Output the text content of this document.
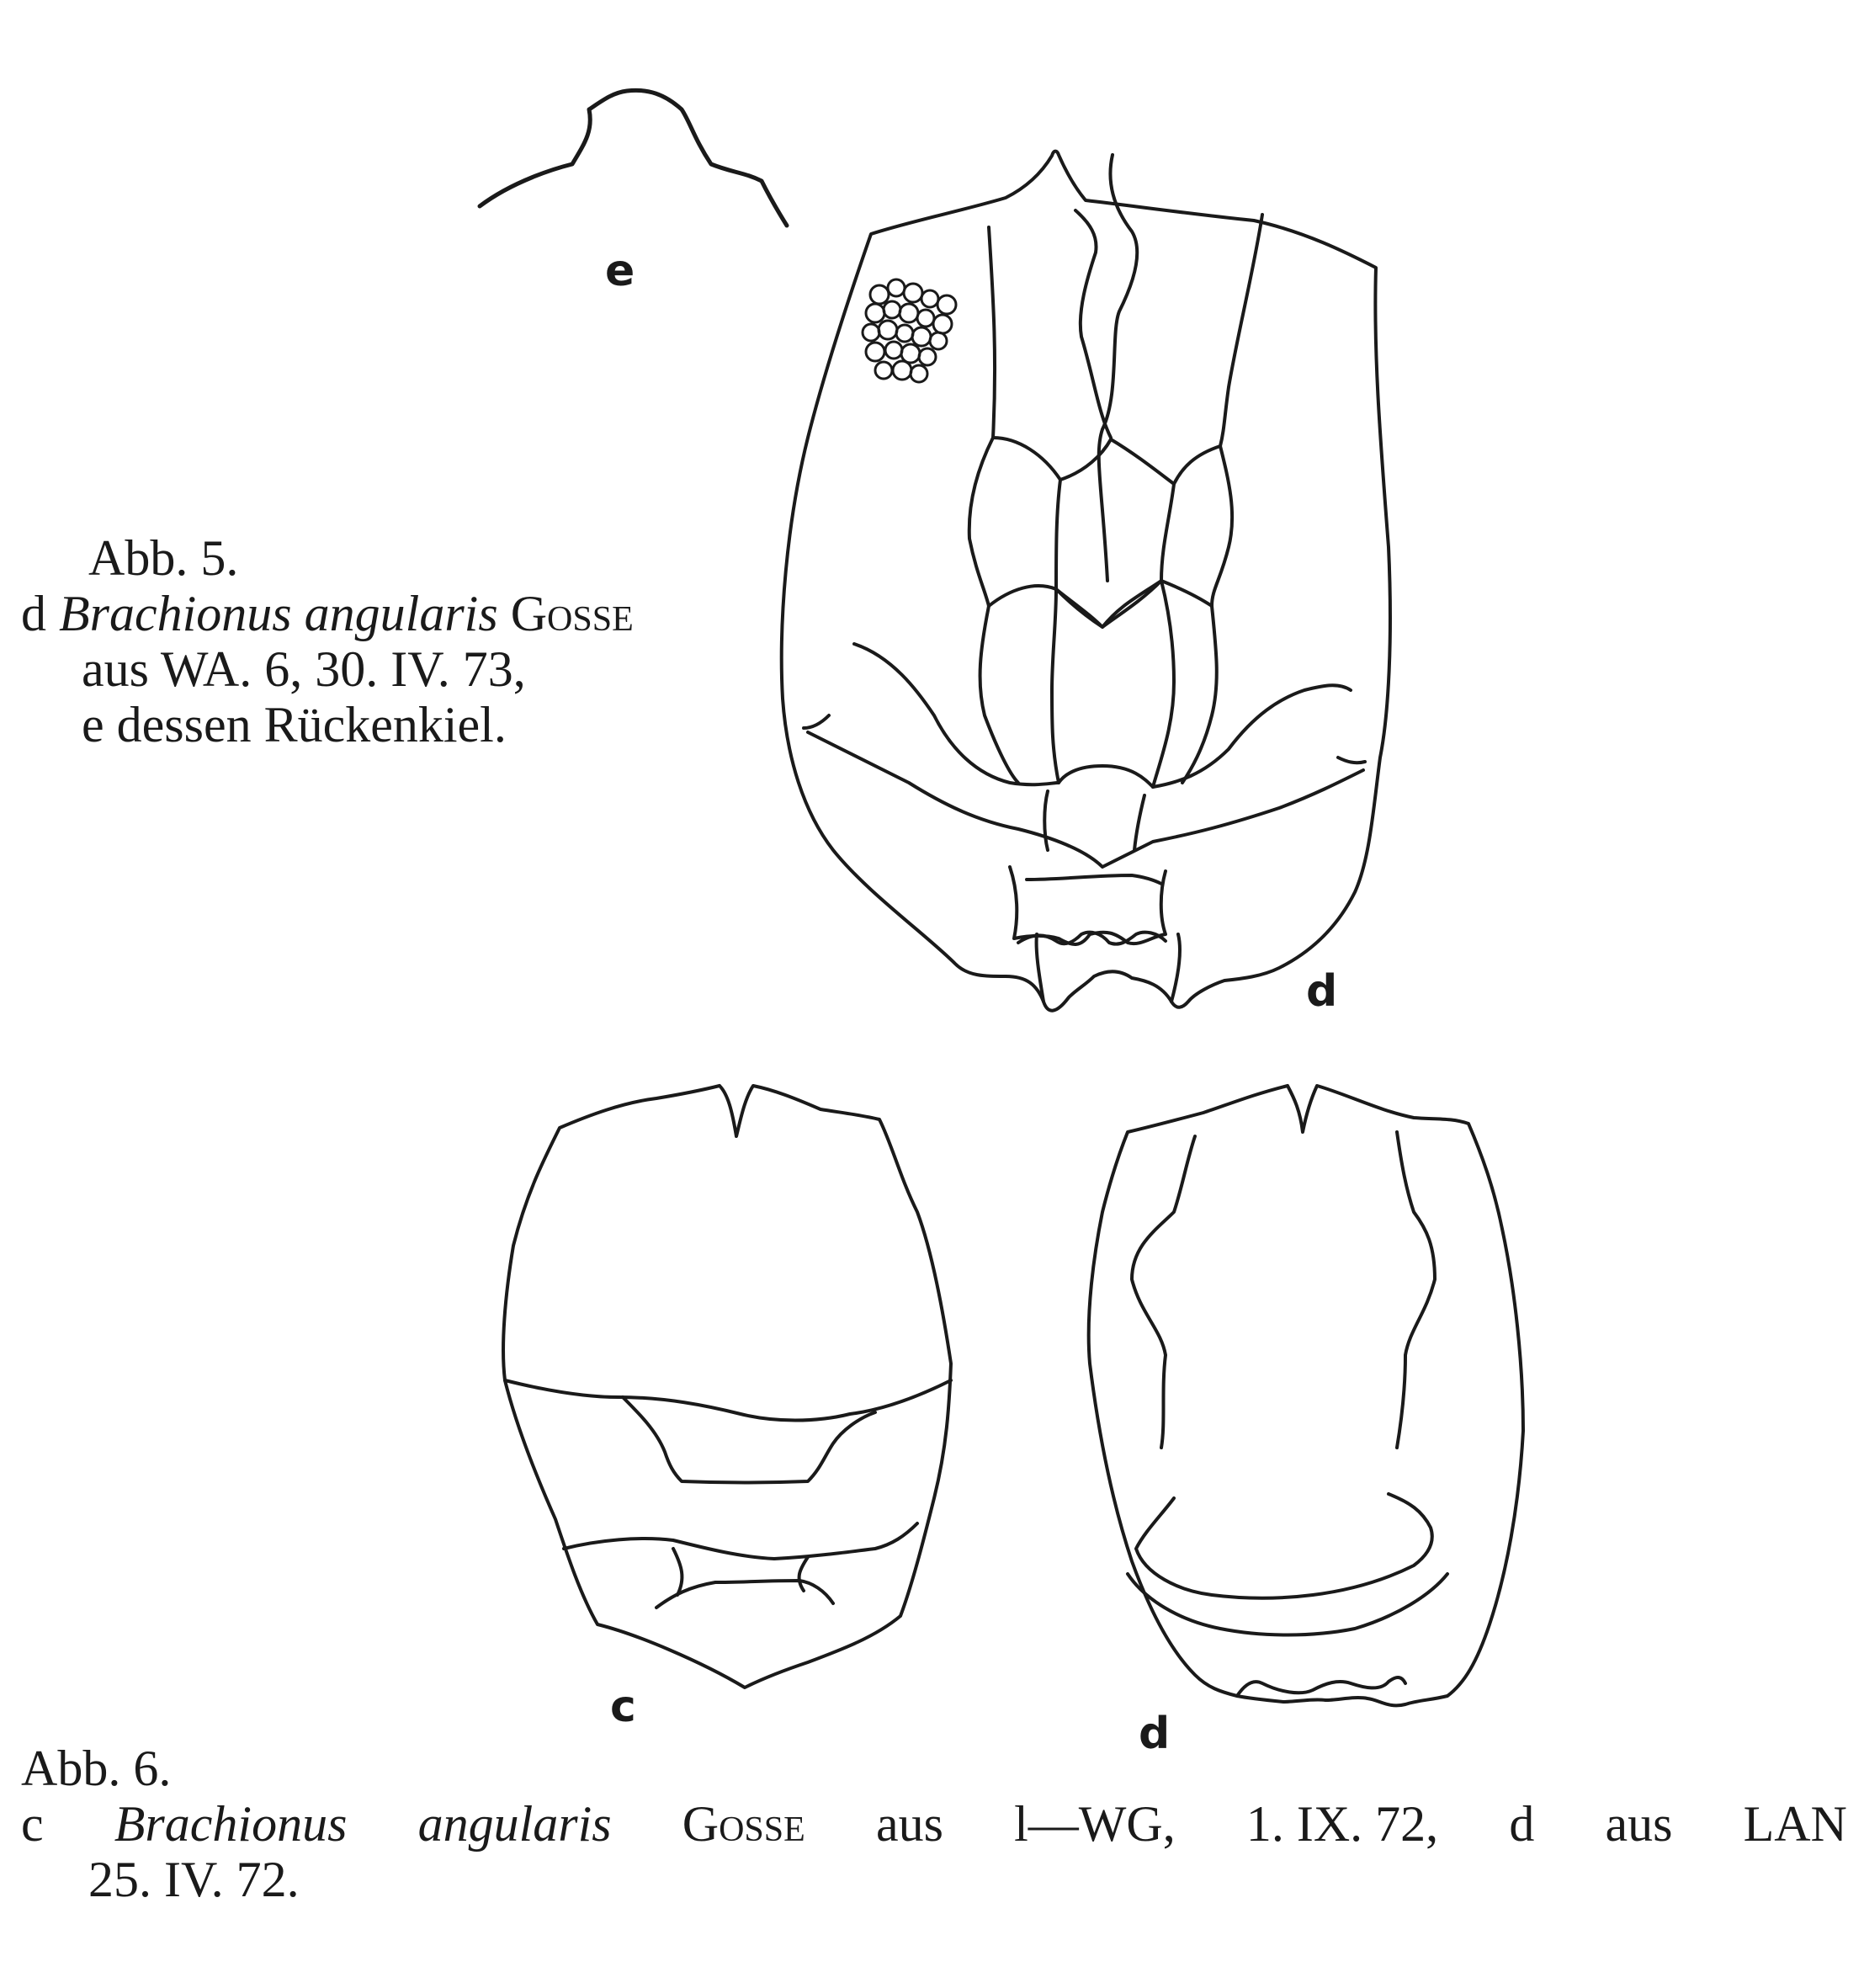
e
d
c
d
Abb. 5.
d Brachionus angularis Gosse
aus WA. 6, 30. IV. 73,
e dessen Rückenkiel.
Abb. 6.
c Brachionus angularis Gosse aus l—WG, 1. IX. 72, d aus LAN
25. IV. 72.
